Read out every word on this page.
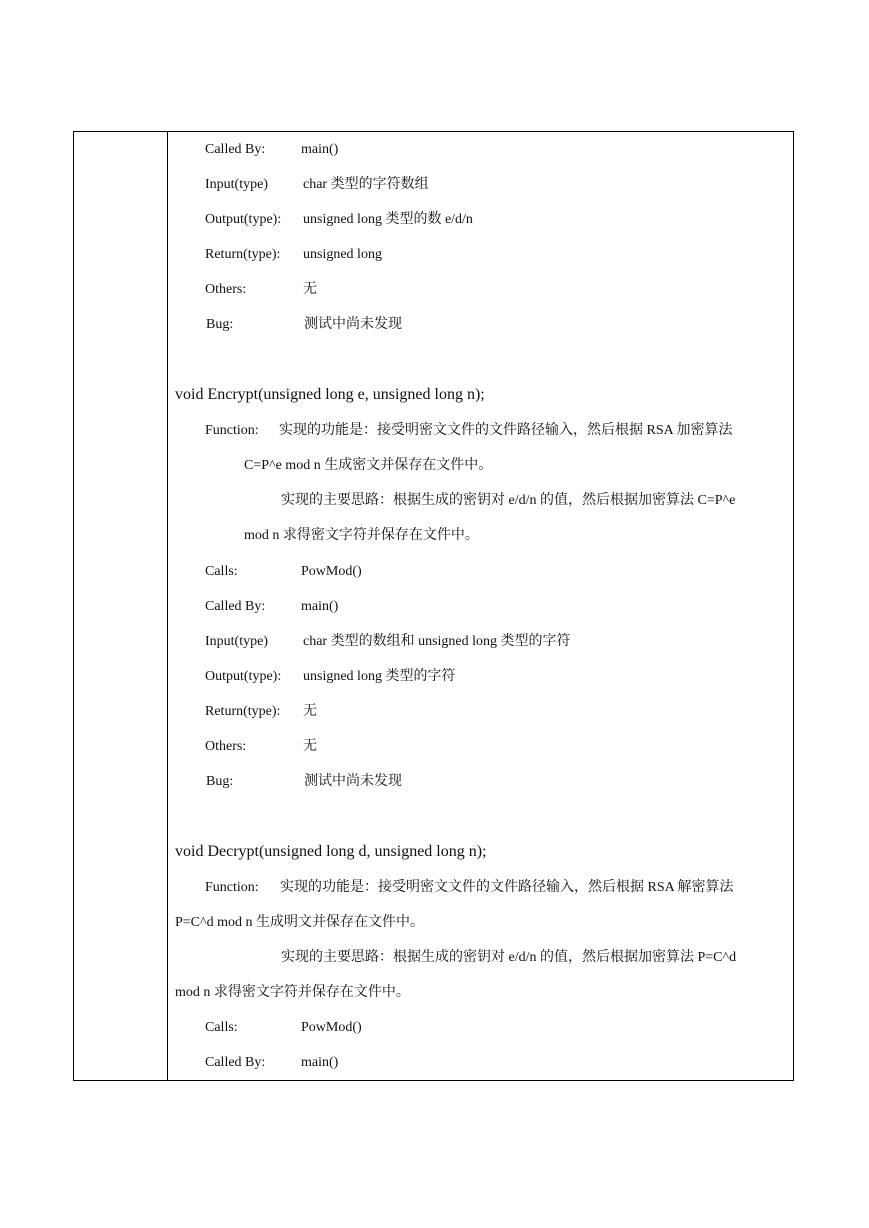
Called By:	main()
Input(type)	char 类型的字符数组
Output(type): unsigned long 类型的数 e/d/n
Return(type): unsigned long
Others:	无
Bug:	测试中尚未发现
void Encrypt(unsigned long e, unsigned long n);
Function: 实现的功能是：接受明密文文件的文件路径输入，然后根据 RSA 加密算法
C=P^e mod n 生成密文并保存在文件中。
实现的主要思路：根据生成的密钥对 e/d/n 的值，然后根据加密算法 C=P^e
mod n 求得密文字符并保存在文件中。
Calls:	PowMod()
Called By:	main()
Input(type)	char 类型的数组和 unsigned long 类型的字符
Output(type): unsigned long 类型的字符
Return(type): 无
Others:	无
Bug:	测试中尚未发现
void Decrypt(unsigned long d, unsigned long n);
Function: 实现的功能是：接受明密文文件的文件路径输入，然后根据 RSA 解密算法
P=C^d mod n 生成明文并保存在文件中。
实现的主要思路：根据生成的密钥对 e/d/n 的值，然后根据加密算法 P=C^d
mod n 求得密文字符并保存在文件中。
Calls:	PowMod()
Called By:	main()
